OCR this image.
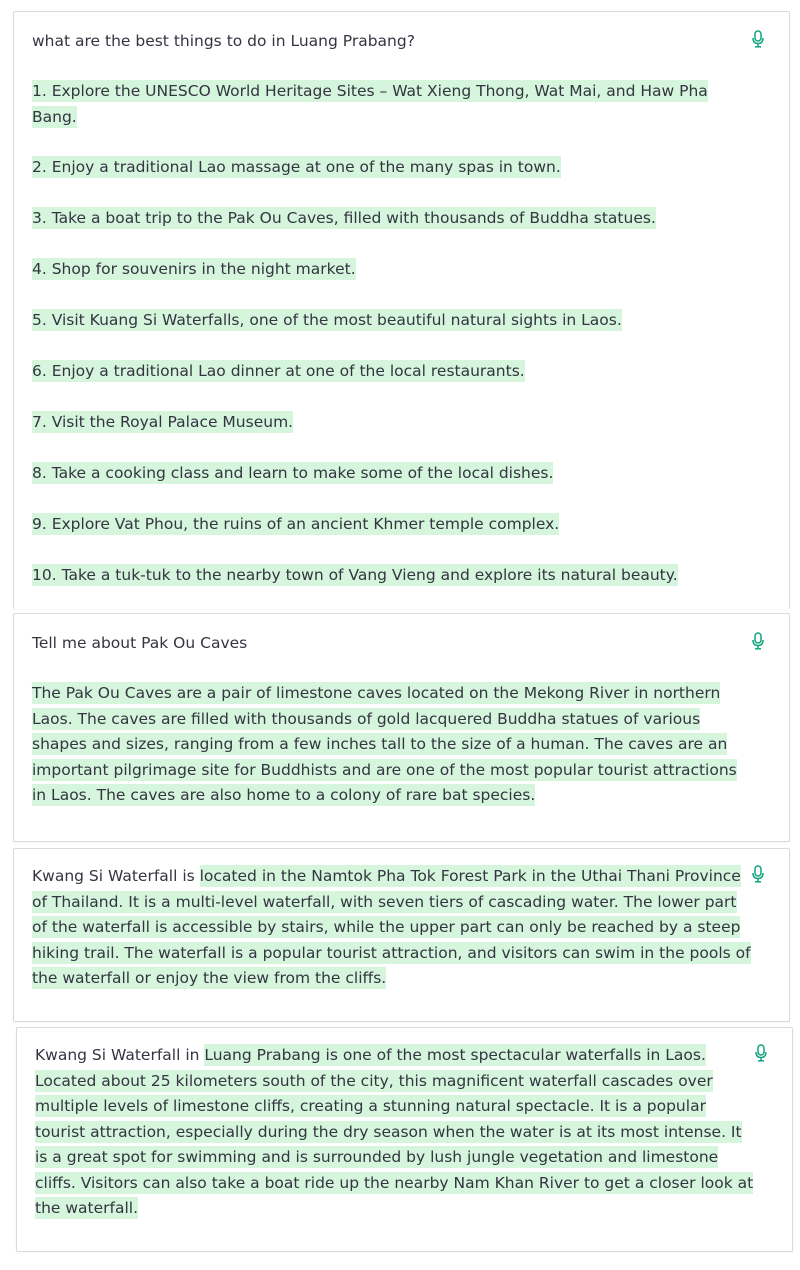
what are the best things to do in Luang Prabang?
1. Explore the UNESCO World Heritage Sites – Wat Xieng Thong, Wat Mai, and Haw Pha Bang.
2. Enjoy a traditional Lao massage at one of the many spas in town.
3. Take a boat trip to the Pak Ou Caves, filled with thousands of Buddha statues.
4. Shop for souvenirs in the night market.
5. Visit Kuang Si Waterfalls, one of the most beautiful natural sights in Laos.
6. Enjoy a traditional Lao dinner at one of the local restaurants.
7. Visit the Royal Palace Museum.
8. Take a cooking class and learn to make some of the local dishes.
9. Explore Vat Phou, the ruins of an ancient Khmer temple complex.
10. Take a tuk-tuk to the nearby town of Vang Vieng and explore its natural beauty.
Tell me about Pak Ou Caves
The Pak Ou Caves are a pair of limestone caves located on the Mekong River in northern Laos. The caves are filled with thousands of gold lacquered Buddha statues of various shapes and sizes, ranging from a few inches tall to the size of a human. The caves are an important pilgrimage site for Buddhists and are one of the most popular tourist attractions in Laos. The caves are also home to a colony of rare bat species.
Kwang Si Waterfall is located in the Namtok Pha Tok Forest Park in the Uthai Thani Province of Thailand. It is a multi-level waterfall, with seven tiers of cascading water. The lower part of the waterfall is accessible by stairs, while the upper part can only be reached by a steep hiking trail. The waterfall is a popular tourist attraction, and visitors can swim in the pools of the waterfall or enjoy the view from the cliffs.
Kwang Si Waterfall in Luang Prabang is one of the most spectacular waterfalls in Laos. Located about 25 kilometers south of the city, this magnificent waterfall cascades over multiple levels of limestone cliffs, creating a stunning natural spectacle. It is a popular tourist attraction, especially during the dry season when the water is at its most intense. It is a great spot for swimming and is surrounded by lush jungle vegetation and limestone cliffs. Visitors can also take a boat ride up the nearby Nam Khan River to get a closer look at the waterfall.
